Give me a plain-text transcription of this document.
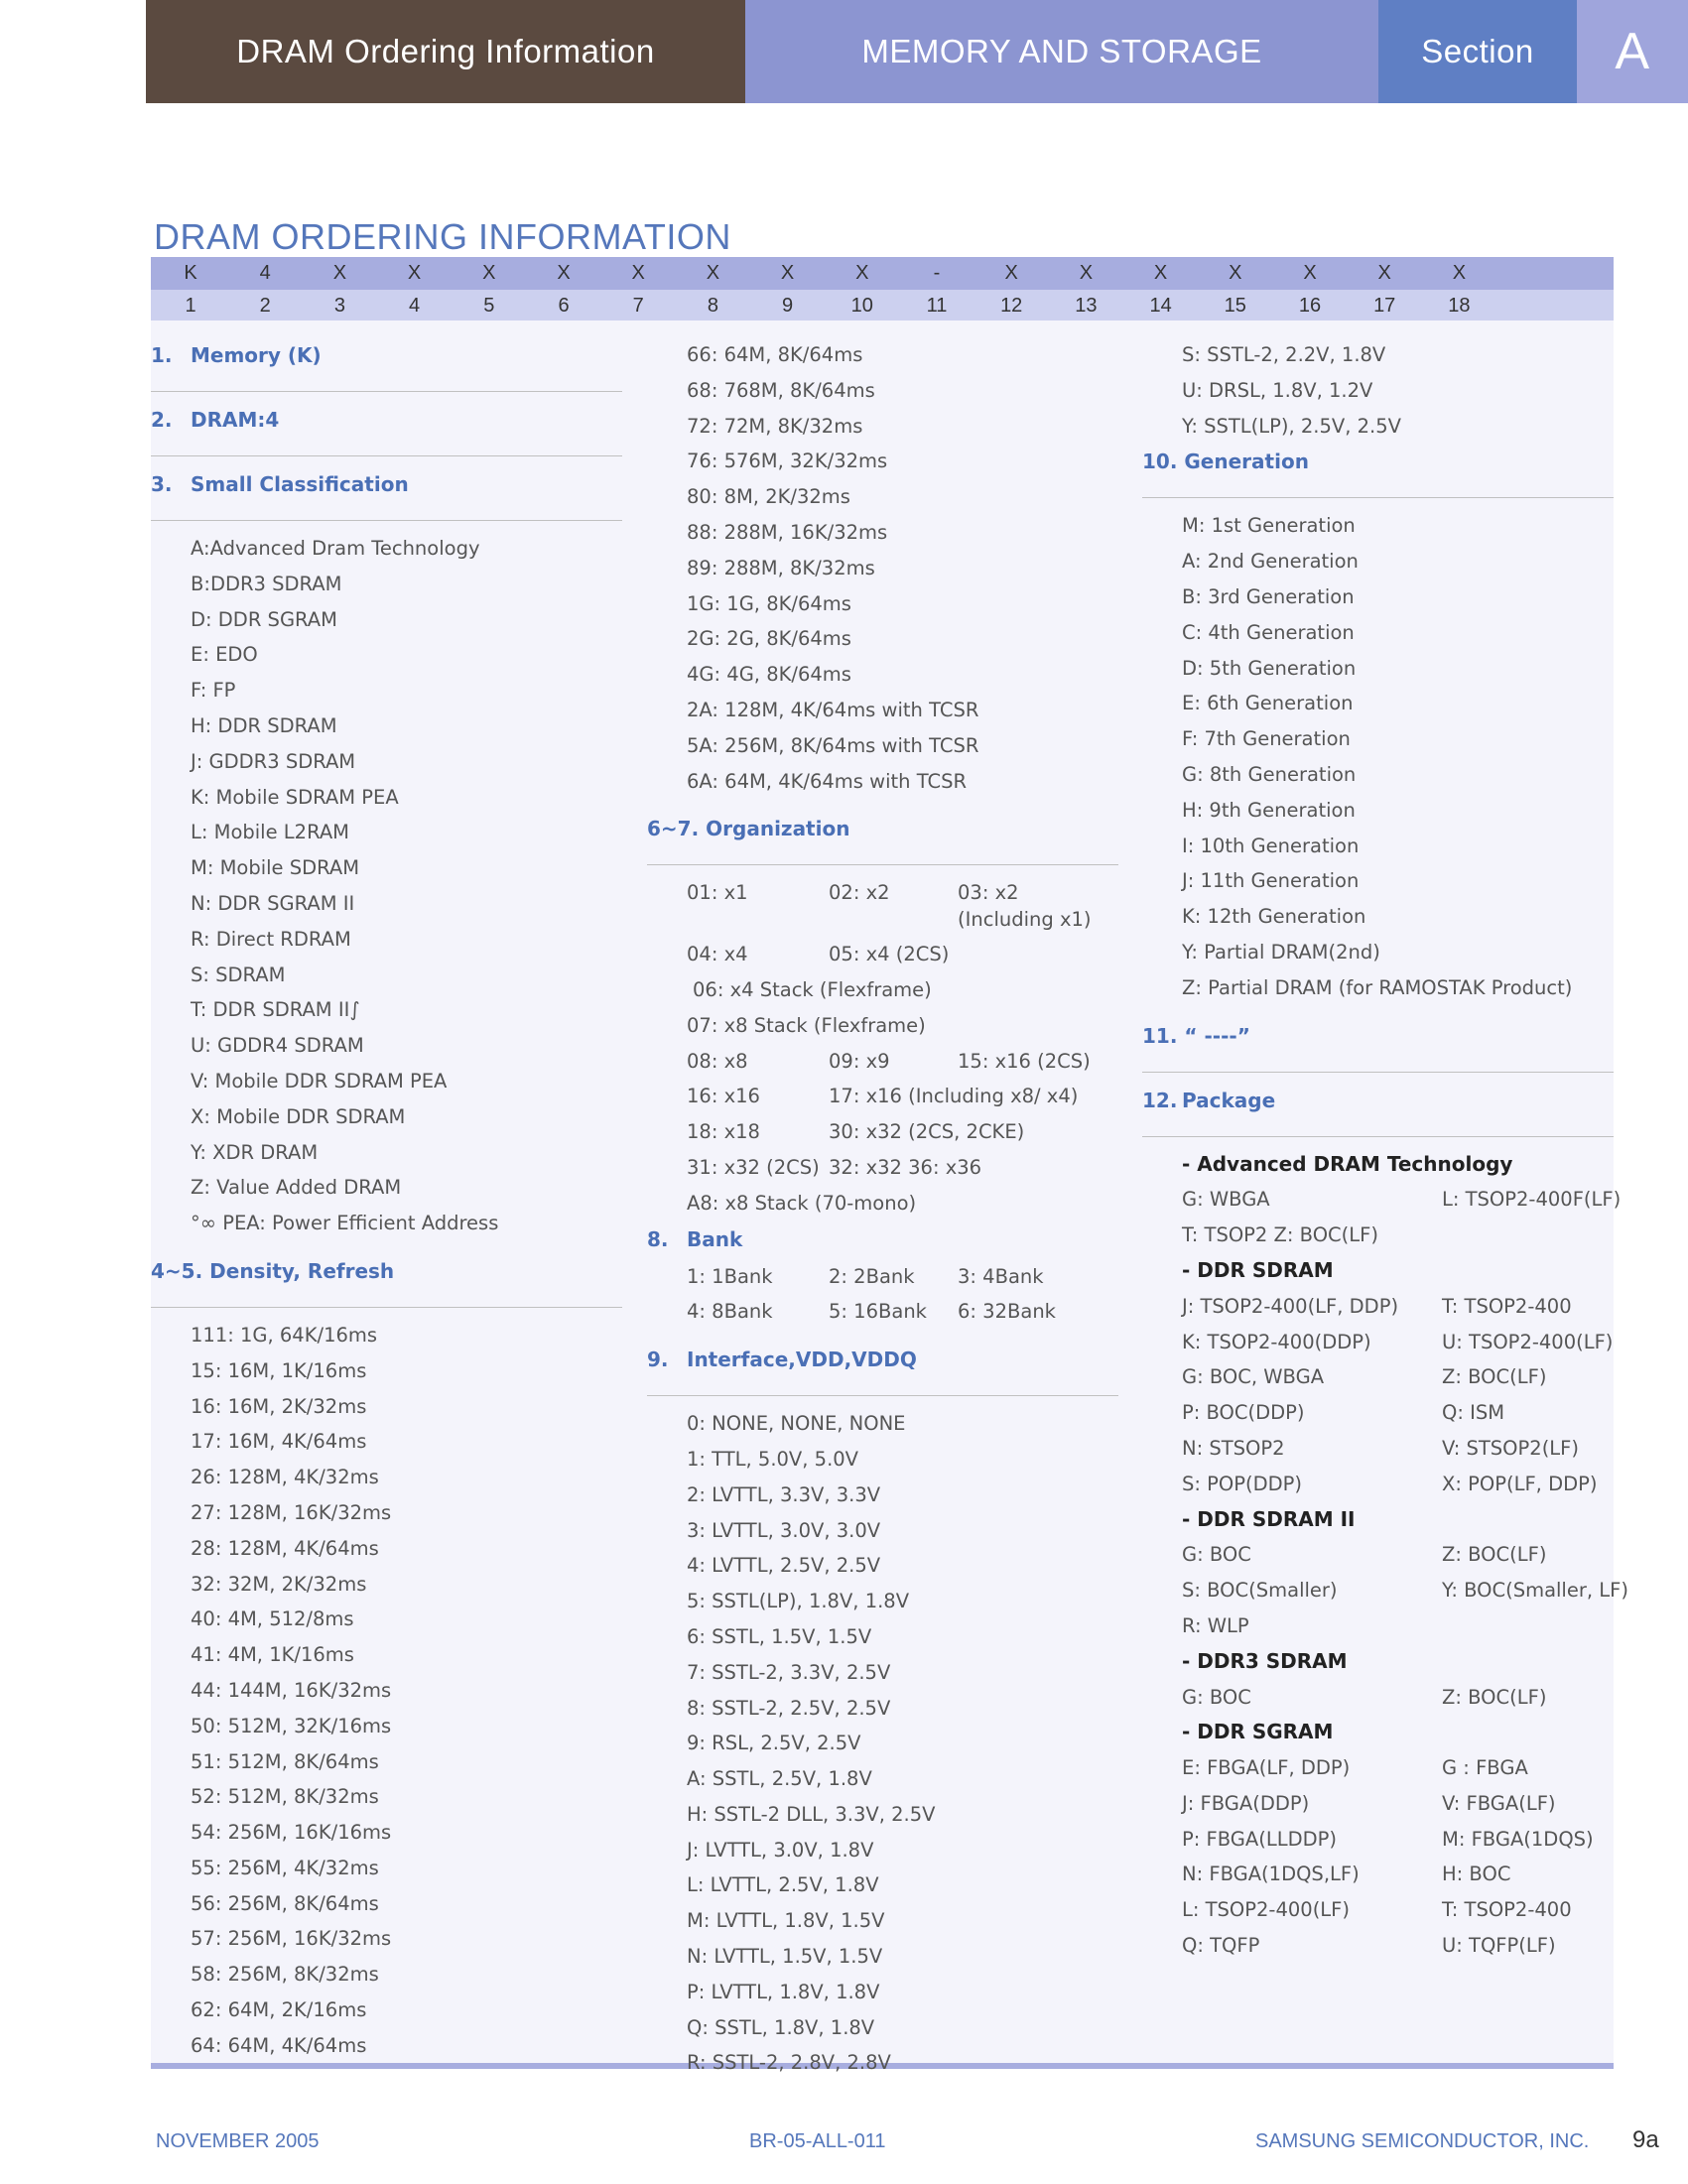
DRAM Ordering Information	MEMORY AND STORAGE	Section	A
DRAM ORDERING INFORMATION
K	4	X	X	X	X	X	X	X	X	-	X	X	X	X	X	X	X
1	2	3	4	5	6	7	8	9	10	11	12	13	14	15	16	17	18
1. Memory (K)
2. DRAM:4
3. Small Classification
A:Advanced Dram Technology
B:DDR3 SDRAM
D: DDR SGRAM
E: EDO
F: FP
H: DDR SDRAM
J: GDDR3 SDRAM
K: Mobile SDRAM PEA
L: Mobile L2RAM
M: Mobile SDRAM
N: DDR SGRAM II
R: Direct RDRAM
S: SDRAM
T: DDR SDRAM II∫
U: GDDR4 SDRAM
V: Mobile DDR SDRAM PEA
X: Mobile DDR SDRAM
Y: XDR DRAM
Z: Value Added DRAM
°∞ PEA: Power Efficient Address
4~5. Density, Refresh
111: 1G, 64K/16ms
15: 16M, 1K/16ms
16: 16M, 2K/32ms
17: 16M, 4K/64ms
26: 128M, 4K/32ms
27: 128M, 16K/32ms
28: 128M, 4K/64ms
32: 32M, 2K/32ms
40: 4M, 512/8ms
41: 4M, 1K/16ms
44: 144M, 16K/32ms
50: 512M, 32K/16ms
51: 512M, 8K/64ms
52: 512M, 8K/32ms
54: 256M, 16K/16ms
55: 256M, 4K/32ms
56: 256M, 8K/64ms
57: 256M, 16K/32ms
58: 256M, 8K/32ms
62: 64M, 2K/16ms
64: 64M, 4K/64ms
66: 64M, 8K/64ms
68: 768M, 8K/64ms
72: 72M, 8K/32ms
76: 576M, 32K/32ms
80: 8M, 2K/32ms
88: 288M, 16K/32ms
89: 288M, 8K/32ms
1G: 1G, 8K/64ms
2G: 2G, 8K/64ms
4G: 4G, 8K/64ms
2A: 128M, 4K/64ms with TCSR
5A: 256M, 8K/64ms with TCSR
6A: 64M, 4K/64ms with TCSR
6~7. Organization
01: x1	02: x2	03: x2
(Including x1)
04: x4	05: x4 (2CS)
06: x4 Stack (Flexframe)
07: x8 Stack (Flexframe)
08: x8	09: x9	15: x16 (2CS)
16: x16	17: x16 (Including x8/ x4)
18: x18	30: x32 (2CS, 2CKE)
31: x32 (2CS) 32: x32 36: x36
A8: x8 Stack (70-mono)
8. Bank
1: 1Bank	2: 2Bank 3: 4Bank
4: 8Bank	5: 16Bank 6: 32Bank
9. Interface,VDD,VDDQ
0: NONE, NONE, NONE
1: TTL, 5.0V, 5.0V
2: LVTTL, 3.3V, 3.3V
3: LVTTL, 3.0V, 3.0V
4: LVTTL, 2.5V, 2.5V
5: SSTL(LP), 1.8V, 1.8V
6: SSTL, 1.5V, 1.5V
7: SSTL-2, 3.3V, 2.5V
8: SSTL-2, 2.5V, 2.5V
9: RSL, 2.5V, 2.5V
A: SSTL, 2.5V, 1.8V
H: SSTL-2 DLL, 3.3V, 2.5V
J: LVTTL, 3.0V, 1.8V
L: LVTTL, 2.5V, 1.8V
M: LVTTL, 1.8V, 1.5V
N: LVTTL, 1.5V, 1.5V
P: LVTTL, 1.8V, 1.8V
Q: SSTL, 1.8V, 1.8V
R: SSTL-2, 2.8V, 2.8V
S: SSTL-2, 2.2V, 1.8V
U: DRSL, 1.8V, 1.2V
Y: SSTL(LP), 2.5V, 2.5V
10. Generation
M: 1st Generation
A: 2nd Generation
B: 3rd Generation
C: 4th Generation
D: 5th Generation
E: 6th Generation
F: 7th Generation
G: 8th Generation
H: 9th Generation
I: 10th Generation
J: 11th Generation
K: 12th Generation
Y: Partial DRAM(2nd)
Z: Partial DRAM (for RAMOSTAK Product)
11. “ ----”
12. Package
- Advanced DRAM Technology
G: WBGA	L: TSOP2-400F(LF)
T: TSOP2 Z: BOC(LF)
- DDR SDRAM
J: TSOP2-400(LF, DDP) T: TSOP2-400
K: TSOP2-400(DDP)	U: TSOP2-400(LF)
G: BOC, WBGA	Z: BOC(LF)
P: BOC(DDP)	Q: ISM
N: STSOP2	V: STSOP2(LF)
S: POP(DDP)	X: POP(LF, DDP)
- DDR SDRAM II
G: BOC	Z: BOC(LF)
S: BOC(Smaller)	Y: BOC(Smaller, LF)
R: WLP
- DDR3 SDRAM
G: BOC	Z: BOC(LF)
- DDR SGRAM
E: FBGA(LF, DDP)	G : FBGA
J: FBGA(DDP)	V: FBGA(LF)
P: FBGA(LLDDP)	M: FBGA(1DQS)
N: FBGA(1DQS,LF)	H: BOC
L: TSOP2-400(LF)	T: TSOP2-400
Q: TQFP	U: TQFP(LF)
NOVEMBER 2005	BR-05-ALL-011	SAMSUNG SEMICONDUCTOR, INC. 9a
